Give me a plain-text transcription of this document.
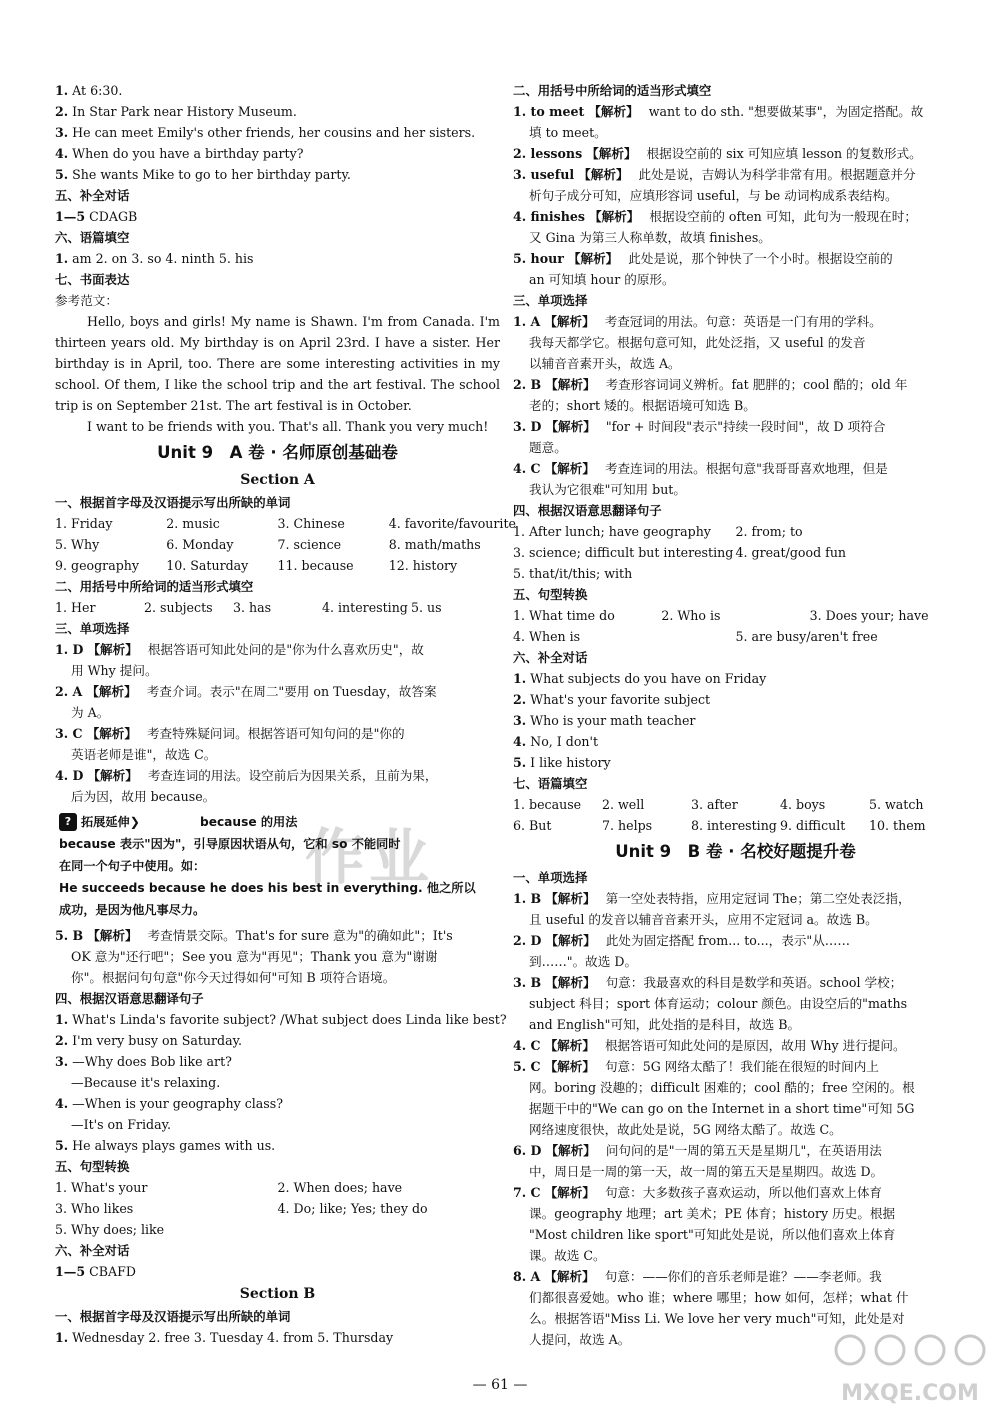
1. At 6:30.
2. In Star Park near History Museum.
3. He can meet Emily's other friends, her cousins and her sisters.
4. When do you have a birthday party?
5. She wants Mike to go to her birthday party.
五、补全对话
1—5 CDAGB
六、语篇填空
1. am 2. on 3. so 4. ninth 5. his
七、书面表达
参考范文：
Hello, boys and girls! My name is Shawn. I'm from Canada. I'm thirteen years old. My birthday is on April 23rd. I have a sister. Her birthday is in April, too. There are some interesting activities in my school. Of them, I like the school trip and the art festival. The school trip is on September 21st. The art festival is in October.
I want to be friends with you. That's all. Thank you very much!
Unit 9　A 卷 · 名师原创基础卷
Section A
一、根据首字母及汉语提示写出所缺的单词
1. Friday	2. music	3. Chinese	4. favorite/favourite
5. Why	6. Monday	7. science	8. math/maths
9. geography	10. Saturday	11. because	12. history
二、用括号中所给词的适当形式填空
1. Her	2. subjects	3. has	4. interesting 5. us
三、单项选择
1. D 【解析】 根据答语可知此处问的是"你为什么喜欢历史"，故
用 Why 提问。
2. A 【解析】 考查介词。表示"在周二"要用 on Tuesday，故答案
为 A。
3. C 【解析】 考查特殊疑问词。根据答语可知句问的是"你的
英语老师是谁"，故选 C。
4. D 【解析】 考查连词的用法。设空前后为因果关系，且前为果，
后为因，故用 because。
作业
? 拓展延伸 ❯	because 的用法
because 表示"因为"，引导原因状语从句，它和 so 不能同时
在同一个句子中使用。如：
He succeeds because he does his best in everything. 他之所以
成功，是因为他凡事尽力。
5. B 【解析】 考查情景交际。That's for sure 意为"的确如此"；It's
OK 意为"还行吧"；See you 意为"再见"；Thank you 意为"谢谢
你"。根据问句句意"你今天过得如何"可知 B 项符合语境。
四、根据汉语意思翻译句子
1. What's Linda's favorite subject? /What subject does Linda like best?
2. I'm very busy on Saturday.
3. —Why does Bob like art?
—Because it's relaxing.
4. —When is your geography class?
—It's on Friday.
5. He always plays games with us.
五、句型转换
1. What's your	2. When does; have
3. Who likes	4. Do; like; Yes; they do
5. Why does; like
六、补全对话
1—5 CBAFD
Section B
一、根据首字母及汉语提示写出所缺的单词
1. Wednesday 2. free 3. Tuesday 4. from 5. Thursday
二、用括号中所给词的适当形式填空
1. to meet 【解析】 want to do sth. "想要做某事"，为固定搭配。故
填 to meet。
2. lessons 【解析】 根据设空前的 six 可知应填 lesson 的复数形式。
3. useful 【解析】 此处是说，吉姆认为科学非常有用。根据题意并分
析句子成分可知，应填形容词 useful，与 be 动词构成系表结构。
4. finishes 【解析】 根据设空前的 often 可知，此句为一般现在时；
又 Gina 为第三人称单数，故填 finishes。
5. hour 【解析】 此处是说，那个钟快了一个小时。根据设空前的
an 可知填 hour 的原形。
三、单项选择
1. A 【解析】 考查冠词的用法。句意：英语是一门有用的学科。
我每天都学它。根据句意可知，此处泛指，又 useful 的发音
以辅音音素开头，故选 A。
2. B 【解析】 考查形容词词义辨析。fat 肥胖的；cool 酷的；old 年
老的；short 矮的。根据语境可知选 B。
3. D 【解析】 "for + 时间段"表示"持续一段时间"，故 D 项符合
题意。
4. C 【解析】 考查连词的用法。根据句意"我哥哥喜欢地理，但是
我认为它很难"可知用 but。
四、根据汉语意思翻译句子
1. After lunch; have geography	2. from; to
3. science; difficult but interesting 4. great/good fun
5. that/it/this; with
五、句型转换
1. What time do	2. Who is	3. Does your; have
4. When is	5. are busy/aren't free
六、补全对话
1. What subjects do you have on Friday
2. What's your favorite subject
3. Who is your math teacher
4. No, I don't
5. I like history
七、语篇填空
1. because	2. well	3. after	4. boys	5. watch
6. But	7. helps	8. interesting 9. difficult	10. them
Unit 9　B 卷 · 名校好题提升卷
一、单项选择
1. B 【解析】 第一空处表特指，应用定冠词 The；第二空处表泛指，
且 useful 的发音以辅音音素开头，应用不定冠词 a。故选 B。
2. D 【解析】 此处为固定搭配 from... to...，表示"从……
到……"。故选 D。
3. B 【解析】 句意：我最喜欢的科目是数学和英语。school 学校；
subject 科目；sport 体育运动；colour 颜色。由设空后的"maths
and English"可知，此处指的是科目，故选 B。
4. C 【解析】 根据答语可知此处问的是原因，故用 Why 进行提问。
5. C 【解析】 句意：5G 网络太酷了！我们能在很短的时间内上
网。boring 没趣的；difficult 困难的；cool 酷的；free 空闲的。根
据题干中的"We can go on the Internet in a short time"可知 5G
网络速度很快，故此处是说，5G 网络太酷了。故选 C。
6. D 【解析】 问句问的是"一周的第五天是星期几"，在英语用法
中，周日是一周的第一天，故一周的第五天是星期四。故选 D。
7. C 【解析】 句意：大多数孩子喜欢运动，所以他们喜欢上体育
课。geography 地理；art 美术；PE 体育；history 历史。根据
"Most children like sport"可知此处是说，所以他们喜欢上体育
课。故选 C。
8. A 【解析】 句意：——你们的音乐老师是谁？——李老师。我
们都很喜爱她。who 谁；where 哪里；how 如何，怎样；what 什
么。根据答语"Miss Li. We love her very much"可知，此处是对
人提问，故选 A。
— 61 —	MXQE.COM
